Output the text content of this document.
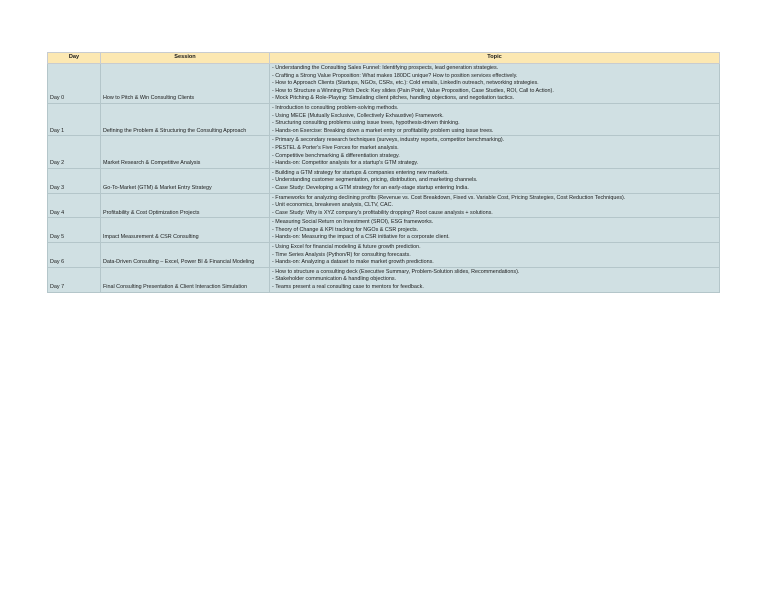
Day	Session	Topic
Day 0	How to Pitch & Win Consulting Clients	- Understanding the Consulting Sales Funnel: Identifying prospects, lead generation strategies.
- Crafting a Strong Value Proposition: What makes 180DC unique? How to position services effectively.
- How to Approach Clients (Startups, NGOs, CSRs, etc.): Cold emails, LinkedIn outreach, networking strategies.
- How to Structure a Winning Pitch Deck: Key slides (Pain Point, Value Proposition, Case Studies, ROI, Call to Action).
- Mock Pitching & Role-Playing: Simulating client pitches, handling objections, and negotiation tactics.

Day 1	Defining the Problem & Structuring the Consulting Approach	- Introduction to consulting problem-solving methods.
- Using MECE (Mutually Exclusive, Collectively Exhaustive) Framework.
- Structuring consulting problems using issue trees, hypothesis-driven thinking.
- Hands-on Exercise: Breaking down a market entry or profitability problem using issue trees.

Day 2	Market Research & Competitive Analysis	- Primary & secondary research techniques (surveys, industry reports, competitor benchmarking).
- PESTEL & Porter's Five Forces for market analysis.
- Competitive benchmarking & differentiation strategy.
- Hands-on: Competitor analysis for a startup's GTM strategy.

Day 3	Go-To-Market (GTM) & Market Entry Strategy	- Building a GTM strategy for startups & companies entering new markets.
- Understanding customer segmentation, pricing, distribution, and marketing channels.
- Case Study: Developing a GTM strategy for an early-stage startup entering India.

Day 4	Profitability & Cost Optimization Projects	- Frameworks for analyzing declining profits (Revenue vs. Cost Breakdown, Fixed vs. Variable Cost, Pricing Strategies, Cost Reduction Techniques).
- Unit economics, breakeven analysis, CLTV, CAC.
- Case Study: Why is XYZ company's profitability dropping? Root cause analysis + solutions.

Day 5	Impact Measurement & CSR Consulting	- Measuring Social Return on Investment (SROI), ESG frameworks.
- Theory of Change & KPI tracking for NGOs & CSR projects.
- Hands-on: Measuring the impact of a CSR initiative for a corporate client.

Day 6	Data-Driven Consulting – Excel, Power BI & Financial Modeling	- Using Excel for financial modeling & future growth prediction.
- Time Series Analysis (Python/R) for consulting forecasts.
- Hands-on: Analyzing a dataset to make market growth predictions.

Day 7	Final Consulting Presentation & Client Interaction Simulation	- How to structure a consulting deck (Executive Summary, Problem-Solution slides, Recommendations).
- Stakeholder communication & handling objections.
- Teams present a real consulting case to mentors for feedback.
